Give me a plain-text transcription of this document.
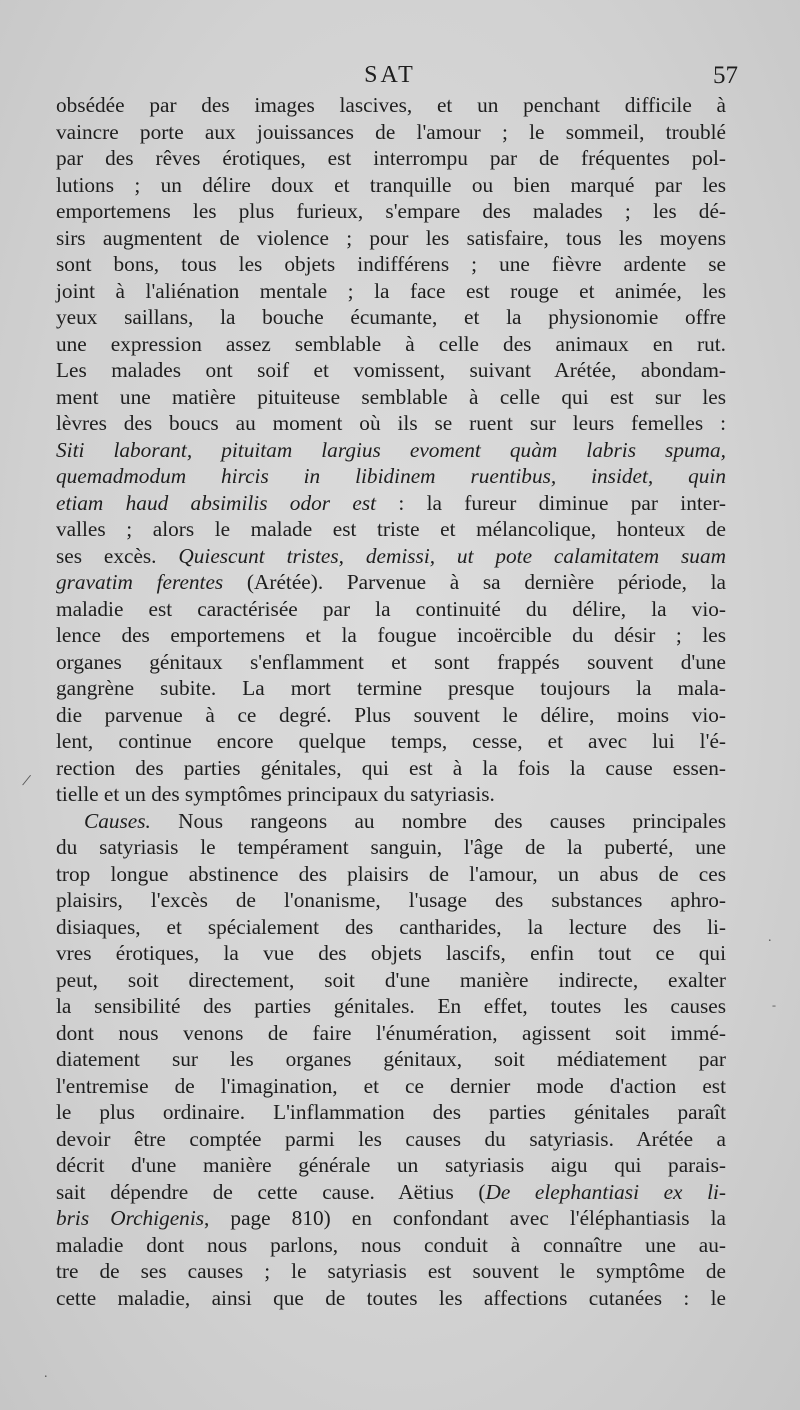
SAT	57
obsédée par des images lascives, et un penchant difficile à
vaincre porte aux jouissances de l'amour ; le sommeil, troublé
par des rêves érotiques, est interrompu par de fréquentes pol-
lutions ; un délire doux et tranquille ou bien marqué par les
emportemens les plus furieux, s'empare des malades ; les dé-
sirs augmentent de violence ; pour les satisfaire, tous les moyens
sont bons, tous les objets indifférens ; une fièvre ardente se
joint à l'aliénation mentale ; la face est rouge et animée, les
yeux saillans, la bouche écumante, et la physionomie offre
une expression assez semblable à celle des animaux en rut.
Les malades ont soif et vomissent, suivant Arétée, abondam-
ment une matière pituiteuse semblable à celle qui est sur les
lèvres des boucs au moment où ils se ruent sur leurs femelles :
Siti laborant, pituitam largius evoment quàm labris spuma,
quemadmodum hircis in libidinem ruentibus, insidet, quin
etiam haud absimilis odor est : la fureur diminue par inter-
valles ; alors le malade est triste et mélancolique, honteux de
ses excès. Quiescunt tristes, demissi, ut pote calamitatem suam
gravatim ferentes (Arétée). Parvenue à sa dernière période, la
maladie est caractérisée par la continuité du délire, la vio-
lence des emportemens et la fougue incoërcible du désir ; les
organes génitaux s'enflamment et sont frappés souvent d'une
gangrène subite. La mort termine presque toujours la mala-
die parvenue à ce degré. Plus souvent le délire, moins vio-
lent, continue encore quelque temps, cesse, et avec lui l'é-
rection des parties génitales, qui est à la fois la cause essen-
tielle et un des symptômes principaux du satyriasis.
Causes. Nous rangeons au nombre des causes principales
du satyriasis le tempérament sanguin, l'âge de la puberté, une
trop longue abstinence des plaisirs de l'amour, un abus de ces
plaisirs, l'excès de l'onanisme, l'usage des substances aphro-
disiaques, et spécialement des cantharides, la lecture des li-
vres érotiques, la vue des objets lascifs, enfin tout ce qui
peut, soit directement, soit d'une manière indirecte, exalter
la sensibilité des parties génitales. En effet, toutes les causes
dont nous venons de faire l'énumération, agissent soit immé-
diatement sur les organes génitaux, soit médiatement par
l'entremise de l'imagination, et ce dernier mode d'action est
le plus ordinaire. L'inflammation des parties génitales paraît
devoir être comptée parmi les causes du satyriasis. Arétée a
décrit d'une manière générale un satyriasis aigu qui parais-
sait dépendre de cette cause. Aëtius (De elephantiasi ex li-
bris Orchigenis, page 810) en confondant avec l'éléphantiasis la
maladie dont nous parlons, nous conduit à connaître une au-
tre de ses causes ; le satyriasis est souvent le symptôme de
cette maladie, ainsi que de toutes les affections cutanées : le
/
.
-
.
